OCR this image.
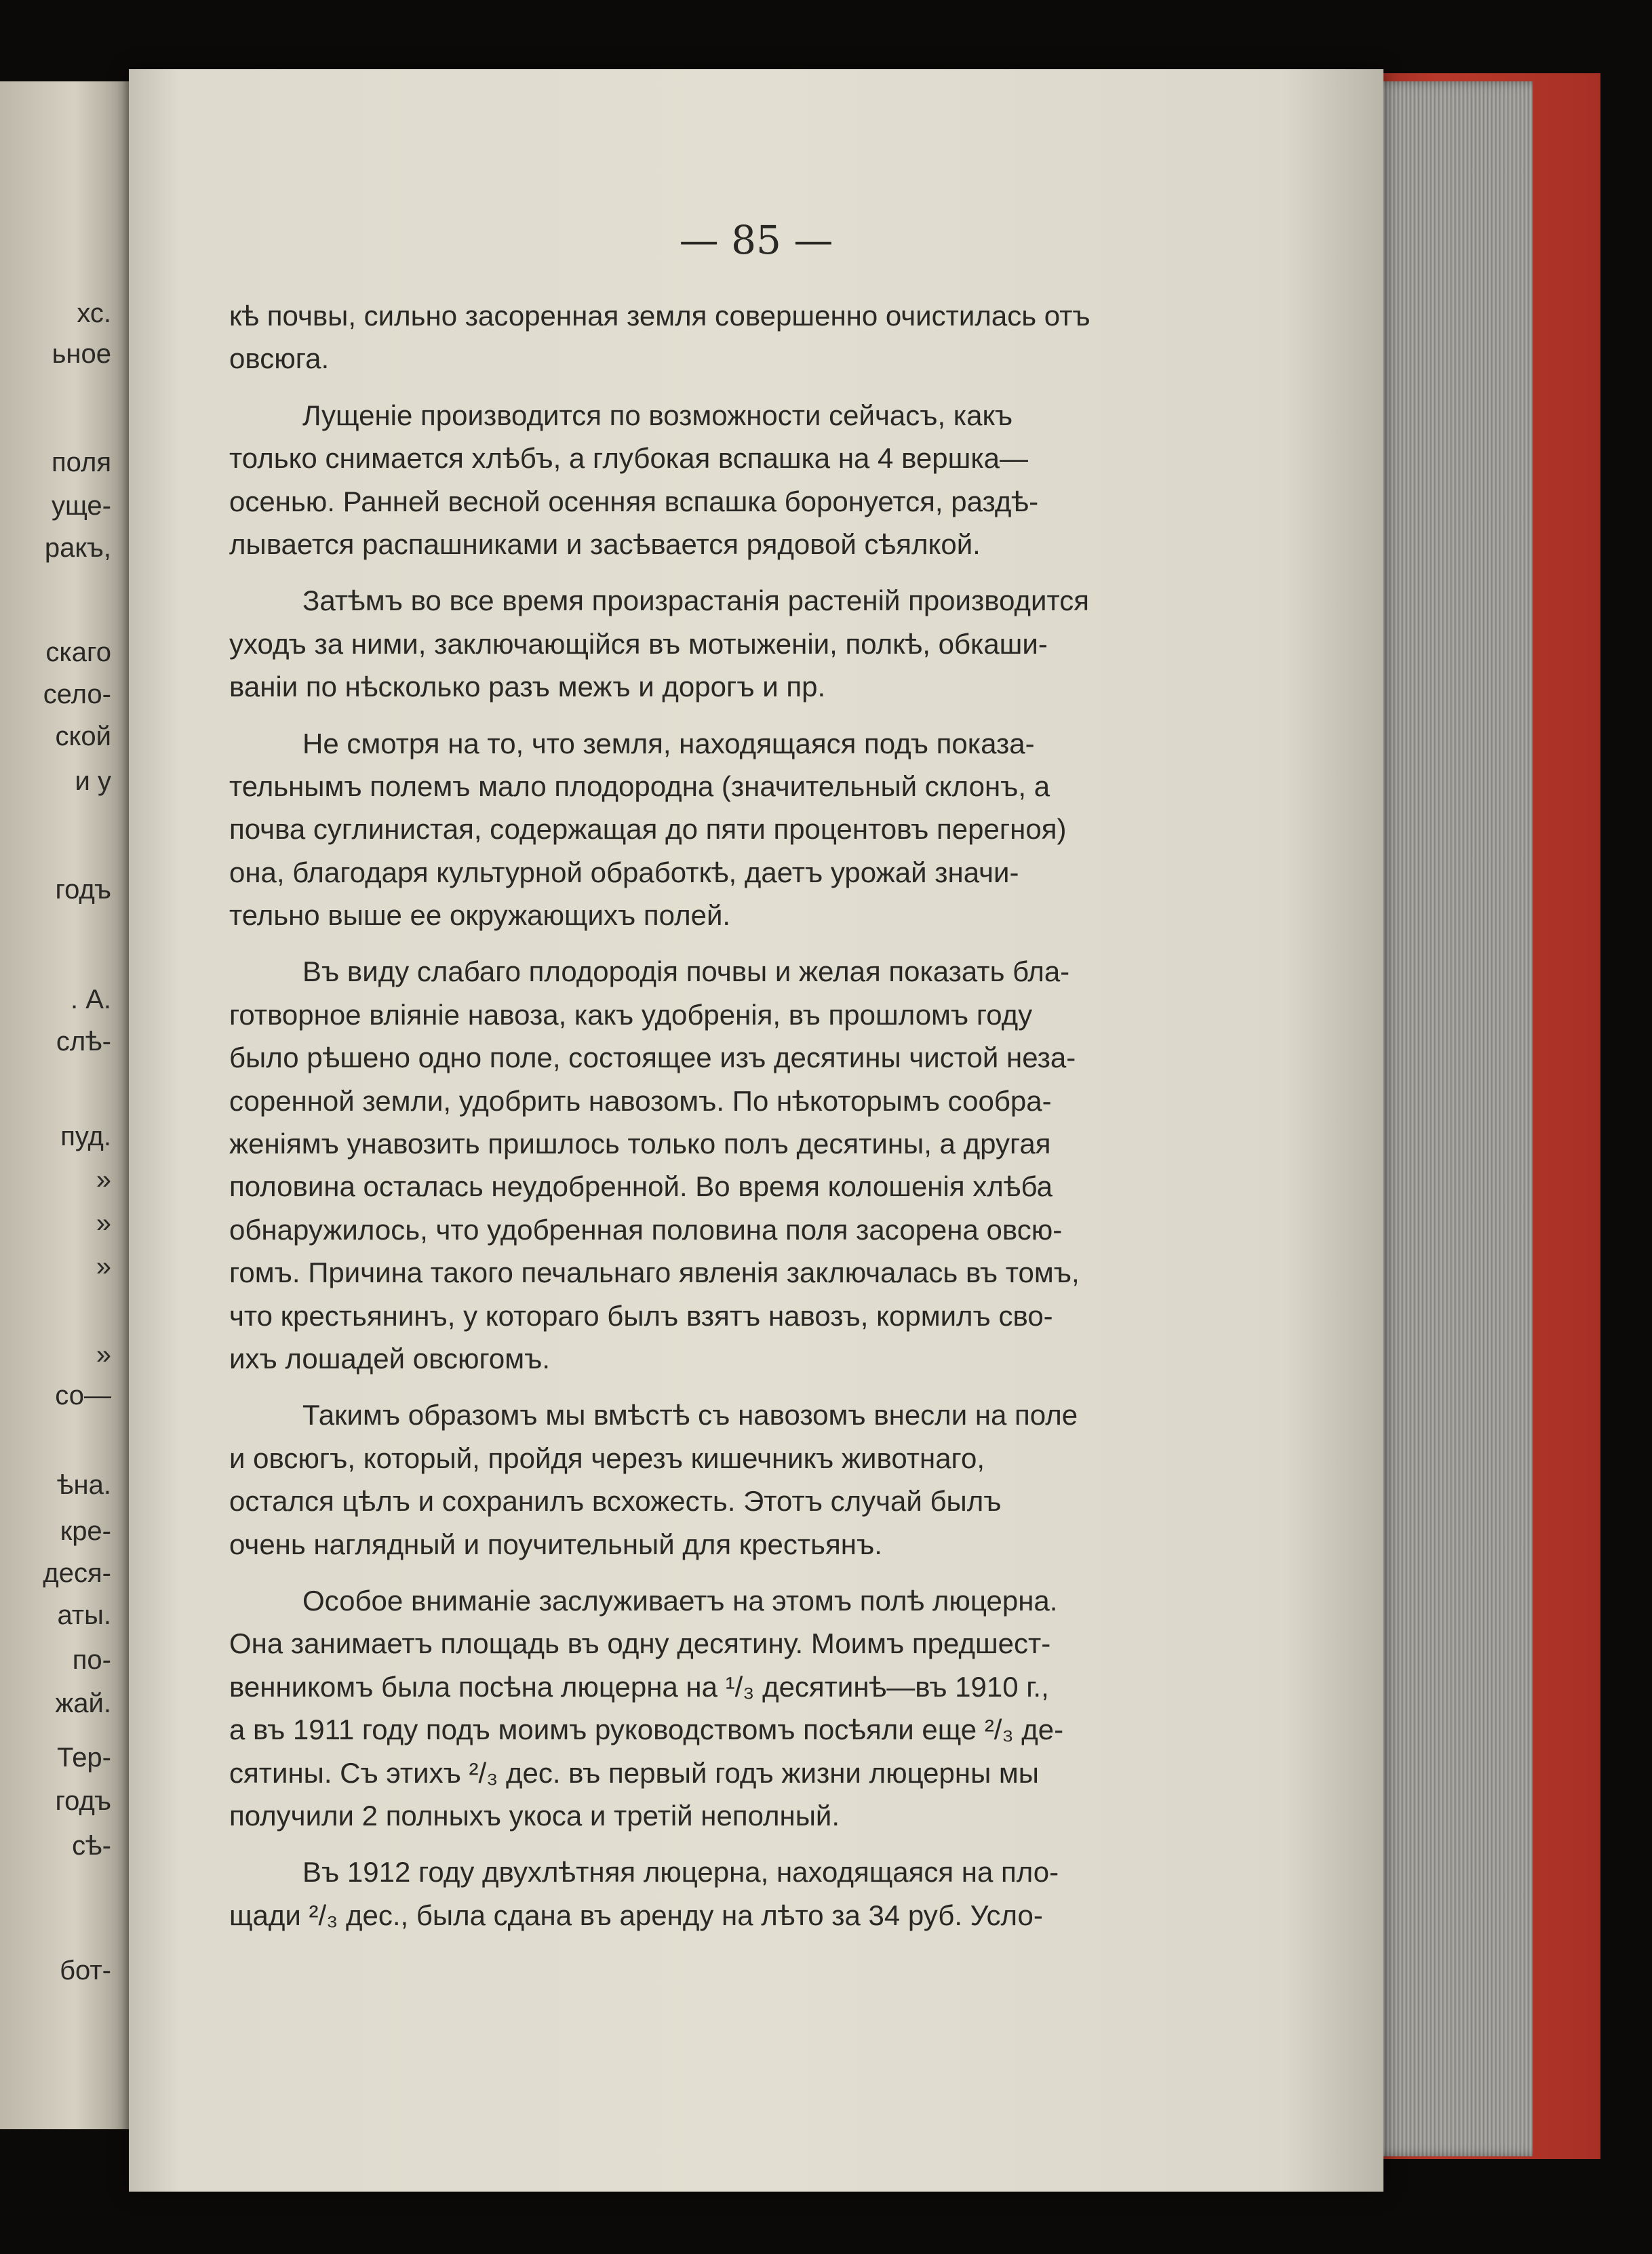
хс.
ьное
поля
уще-
ракъ,
скаго
село-
ской
и у
годъ
. А.
слѣ-
пуд.
»
»
»
»
со—
ѣна.
кре-
деся-
аты.
по-
жай.
Тер-
годъ
сѣ-
бот-
— 85 —
кѣ почвы, сильно засоренная земля совершенно очистилась отъ
овсюга.
Лущеніе производится по возможности сейчасъ, какъ
только снимается хлѣбъ, а глубокая вспашка на 4 вершка—
осенью. Ранней весной осенняя вспашка боронуется, раздѣ-
лывается распашниками и засѣвается рядовой сѣялкой.
Затѣмъ во все время произрастанія растеній производится
уходъ за ними, заключающійся въ мотыженіи, полкѣ, обкаши-
ваніи по нѣсколько разъ межъ и дорогъ и пр.
Не смотря на то, что земля, находящаяся подъ показа-
тельнымъ полемъ мало плодородна (значительный склонъ, а
почва суглинистая, содержащая до пяти процентовъ перегноя)
она, благодаря культурной обработкѣ, даетъ урожай значи-
тельно выше ее окружающихъ полей.
Въ виду слабаго плодородія почвы и желая показать бла-
готворное вліяніе навоза, какъ удобренія, въ прошломъ году
было рѣшено одно поле, состоящее изъ десятины чистой неза-
соренной земли, удобрить навозомъ. По нѣкоторымъ сообра-
женіямъ унавозить пришлось только полъ десятины, а другая
половина осталась неудобренной. Во время колошенія хлѣба
обнаружилось, что удобренная половина поля засорена овсю-
гомъ. Причина такого печальнаго явленія заключалась въ томъ,
что крестьянинъ, у котораго былъ взятъ навозъ, кормилъ сво-
ихъ лошадей овсюгомъ.
Такимъ образомъ мы вмѣстѣ съ навозомъ внесли на поле
и овсюгъ, который, пройдя черезъ кишечникъ животнаго,
остался цѣлъ и сохранилъ всхожесть. Этотъ случай былъ
очень наглядный и поучительный для крестьянъ.
Особое вниманіе заслуживаетъ на этомъ полѣ люцерна.
Она занимаетъ площадь въ одну десятину. Моимъ предшест-
венникомъ была посѣна люцерна на ¹/₃ десятинѣ—въ 1910 г.,
а въ 1911 году подъ моимъ руководствомъ посѣяли еще ²/₃ де-
сятины. Съ этихъ ²/₃ дес. въ первый годъ жизни люцерны мы
получили 2 полныхъ укоса и третій неполный.
Въ 1912 году двухлѣтняя люцерна, находящаяся на пло-
щади ²/₃ дес., была сдана въ аренду на лѣто за 34 руб. Усло-
